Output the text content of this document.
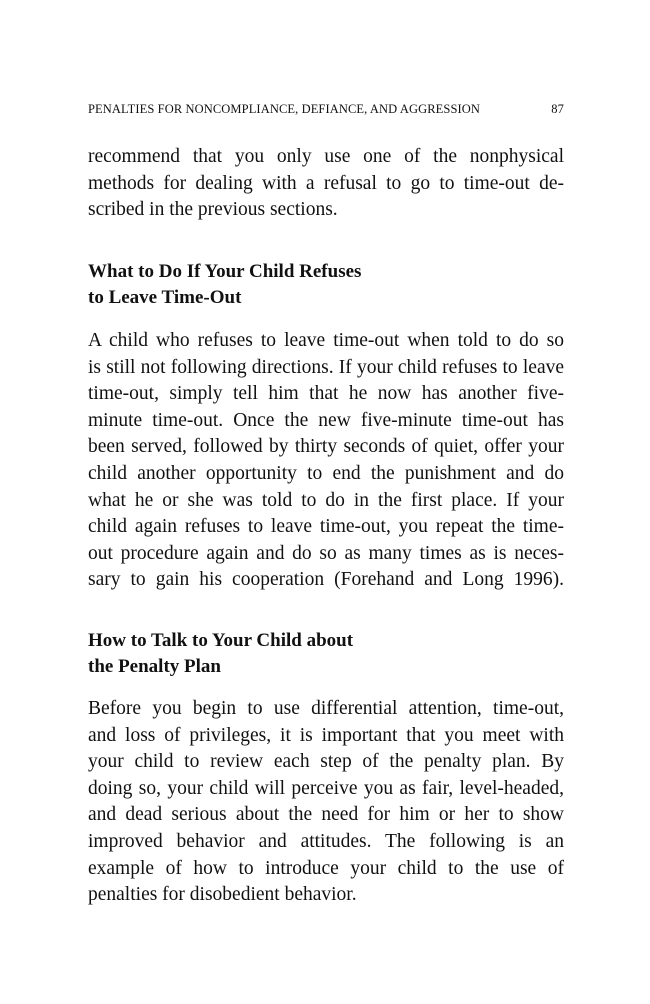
PENALTIES FOR NONCOMPLIANCE, DEFIANCE, AND AGGRESSION	87
recommend that you only use one of the nonphysical
methods for dealing with a refusal to go to time-out de-
scribed in the previous sections.
What to Do If Your Child Refuses
to Leave Time-Out
A child who refuses to leave time-out when told to do so
is still not following directions. If your child refuses to leave
time-out, simply tell him that he now has another five-
minute time-out. Once the new five-minute time-out has
been served, followed by thirty seconds of quiet, offer your
child another opportunity to end the punishment and do
what he or she was told to do in the first place. If your
child again refuses to leave time-out, you repeat the time-
out procedure again and do so as many times as is neces-
sary to gain his cooperation (Forehand and Long 1996).
How to Talk to Your Child about
the Penalty Plan
Before you begin to use differential attention, time-out,
and loss of privileges, it is important that you meet with
your child to review each step of the penalty plan. By
doing so, your child will perceive you as fair, level-headed,
and dead serious about the need for him or her to show
improved behavior and attitudes. The following is an
example of how to introduce your child to the use of
penalties for disobedient behavior.
